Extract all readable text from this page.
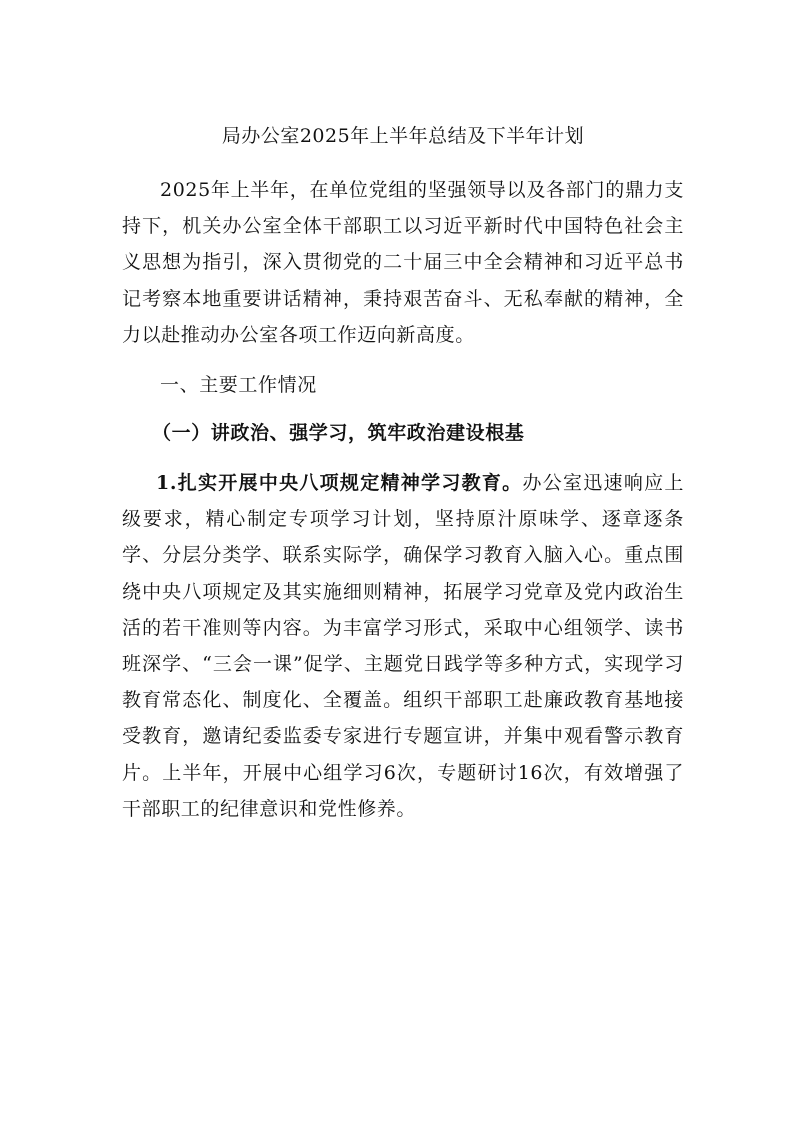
局办公室2025年上半年总结及下半年计划

2025年上半年，在单位党组的坚强领导以及各部门的鼎力支持下，机关办公室全体干部职工以习近平新时代中国特色社会主义思想为指引，深入贯彻党的二十届三中全会精神和习近平总书记考察本地重要讲话精神，秉持艰苦奋斗、无私奉献的精神，全力以赴推动办公室各项工作迈向新高度。

一、主要工作情况
（一）讲政治、强学习，筑牢政治建设根基

1.扎实开展中央八项规定精神学习教育。办公室迅速响应上级要求，精心制定专项学习计划，坚持原汁原味学、逐章逐条学、分层分类学、联系实际学，确保学习教育入脑入心。重点围绕中央八项规定及其实施细则精神，拓展学习党章及党内政治生活的若干准则等内容。为丰富学习形式，采取中心组领学、读书班深学、“三会一课”促学、主题党日践学等多种方式，实现学习教育常态化、制度化、全覆盖。组织干部职工赴廉政教育基地接受教育，邀请纪委监委专家进行专题宣讲，并集中观看警示教育片。上半年，开展中心组学习6次，专题研讨16次，有效增强了干部职工的纪律意识和党性修养。
